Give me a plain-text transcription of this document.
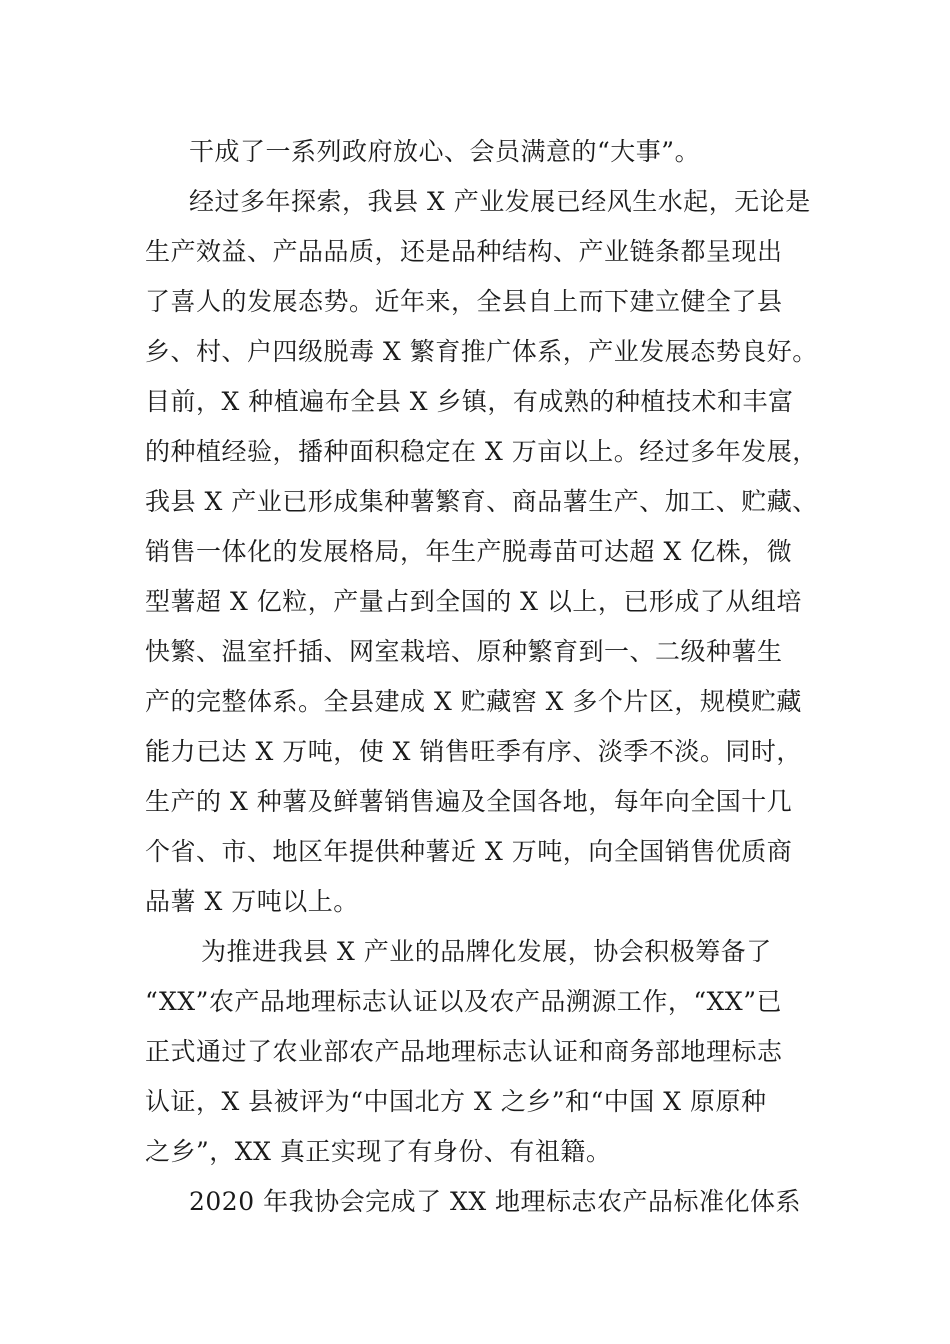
干成了一系列政府放心、会员满意的“大事”。
经过多年探索，我县 X 产业发展已经风生水起，无论是
生产效益、产品品质，还是品种结构、产业链条都呈现出
了喜人的发展态势。近年来，全县自上而下建立健全了县
乡、村、户四级脱毒 X 繁育推广体系，产业发展态势良好。
目前，X 种植遍布全县 X 乡镇，有成熟的种植技术和丰富
的种植经验，播种面积稳定在 X 万亩以上。经过多年发展，
我县 X 产业已形成集种薯繁育、商品薯生产、加工、贮藏、
销售一体化的发展格局，年生产脱毒苗可达超 X 亿株，微
型薯超 X 亿粒，产量占到全国的 X 以上，已形成了从组培
快繁、温室扦插、网室栽培、原种繁育到一、二级种薯生
产的完整体系。全县建成 X 贮藏窖 X 多个片区，规模贮藏
能力已达 X 万吨，使 X 销售旺季有序、淡季不淡。同时，
生产的 X 种薯及鲜薯销售遍及全国各地，每年向全国十几
个省、市、地区年提供种薯近 X 万吨，向全国销售优质商
品薯 X 万吨以上。
为推进我县 X 产业的品牌化发展，协会积极筹备了
“XX”农产品地理标志认证以及农产品溯源工作，“XX”已
正式通过了农业部农产品地理标志认证和商务部地理标志
认证，X 县被评为“中国北方 X 之乡”和“中国 X 原原种
之乡”，XX 真正实现了有身份、有祖籍。
2020 年我协会完成了 XX 地理标志农产品标准化体系
